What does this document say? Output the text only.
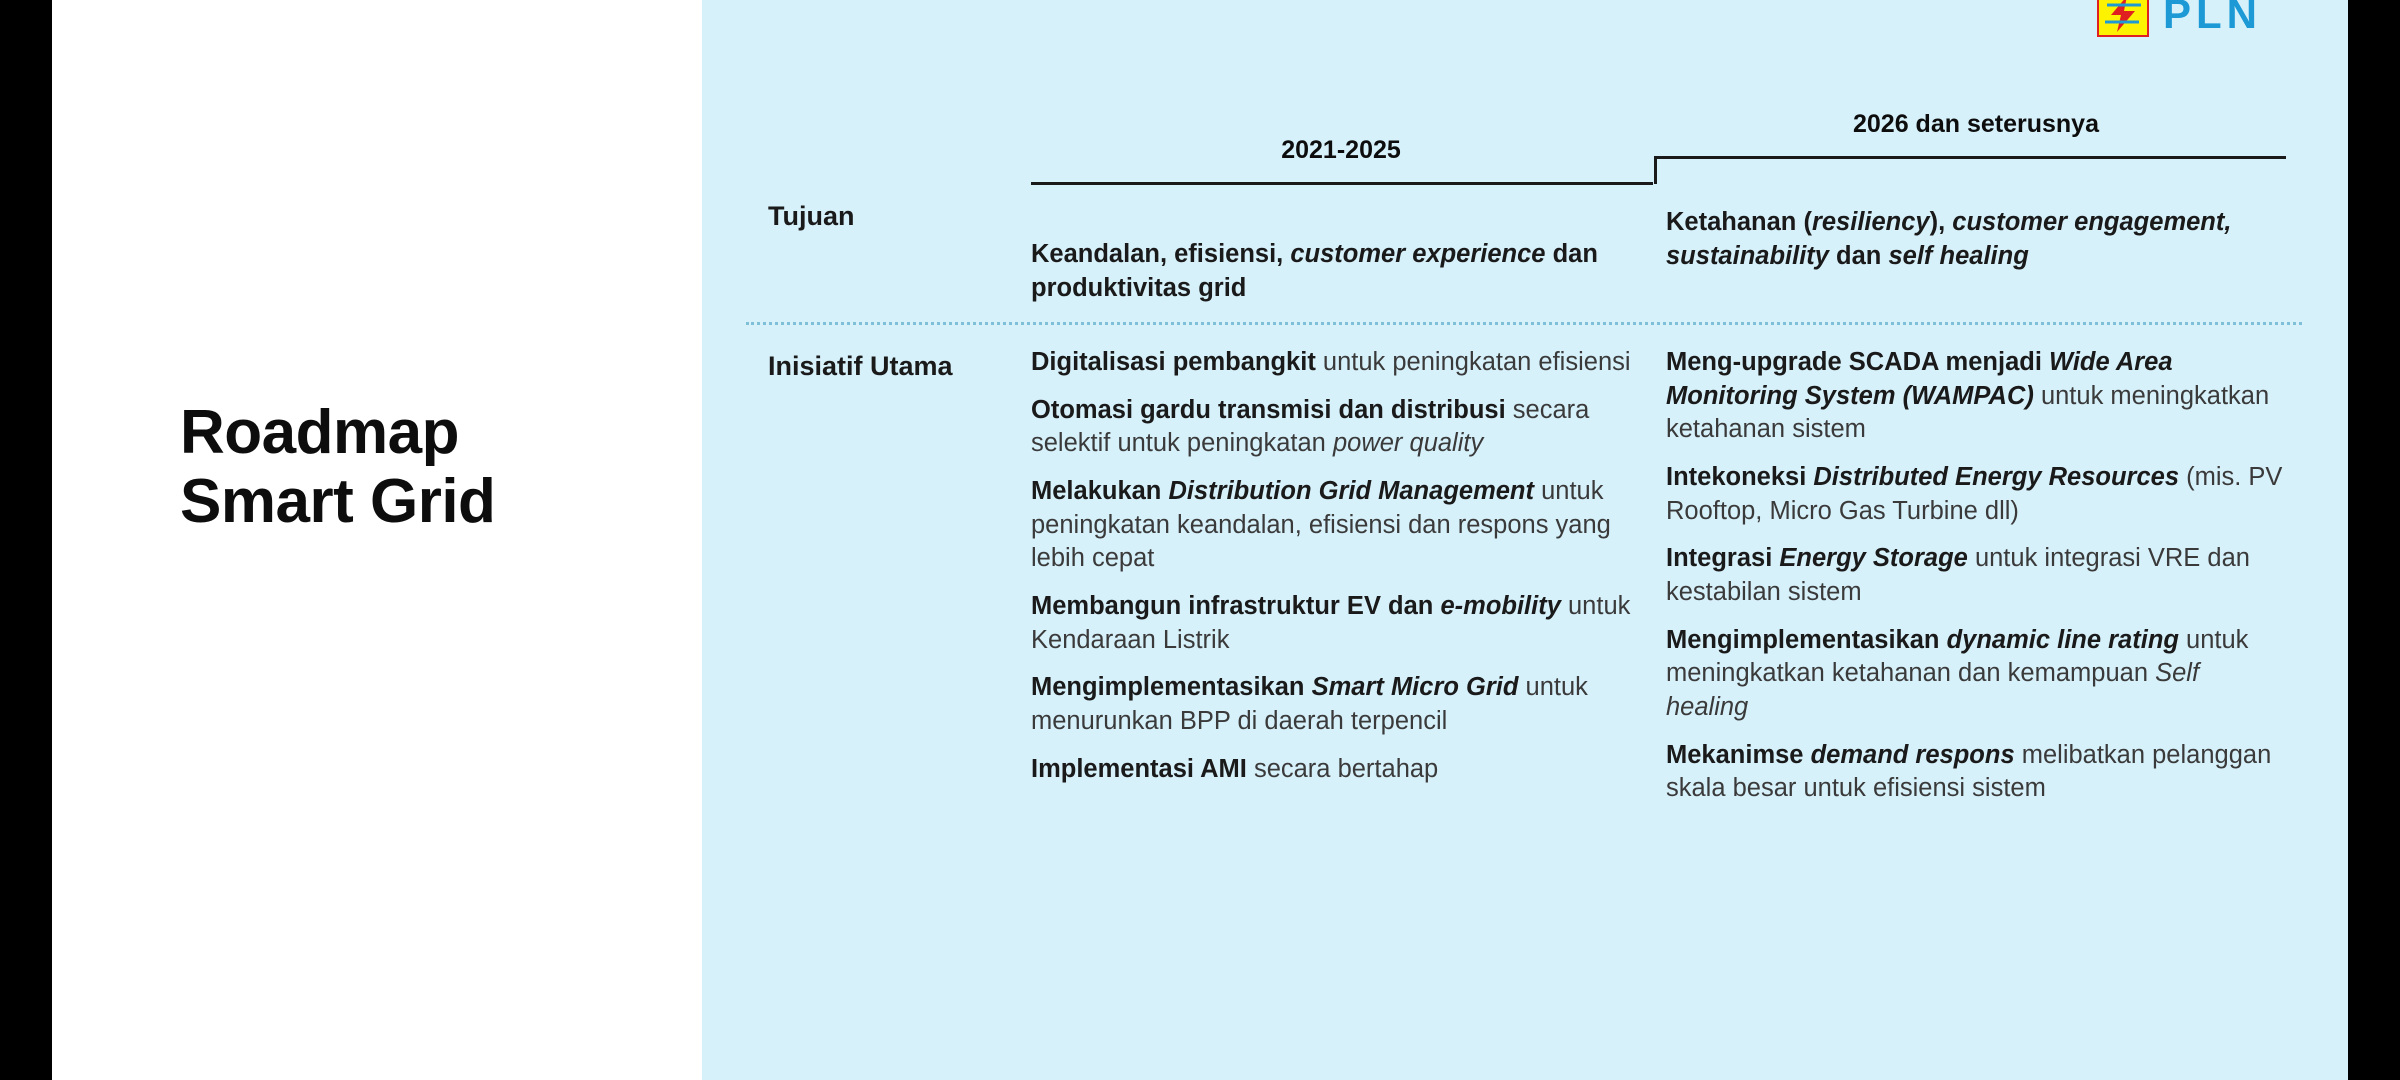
Roadmap
Smart Grid
PLN
2021-2025
2026 dan seterusnya
Tujuan

Keandalan, efisiensi, customer experience dan produktivitas grid

Ketahanan (resiliency), customer engagement, sustainability dan self healing

Inisiatif Utama	Digitalisasi pembangkit untuk peningkatan efisiensi

Otomasi gardu transmisi dan distribusi secara selektif untuk peningkatan power quality

Melakukan Distribution Grid Management untuk peningkatan keandalan, efisiensi dan respons yang lebih cepat

Membangun infrastruktur EV dan e-mobility untuk Kendaraan Listrik

Mengimplementasikan Smart Micro Grid untuk menurunkan BPP di daerah terpencil

Implementasi AMI secara bertahap

Meng-upgrade SCADA menjadi Wide Area Monitoring System (WAMPAC) untuk meningkatkan ketahanan sistem

Intekoneksi Distributed Energy Resources (mis. PV Rooftop, Micro Gas Turbine dll)

Integrasi Energy Storage untuk integrasi VRE dan kestabilan sistem

Mengimplementasikan dynamic line rating untuk meningkatkan ketahanan dan kemampuan Self healing

Mekanimse demand respons melibatkan pelanggan skala besar untuk efisiensi sistem
